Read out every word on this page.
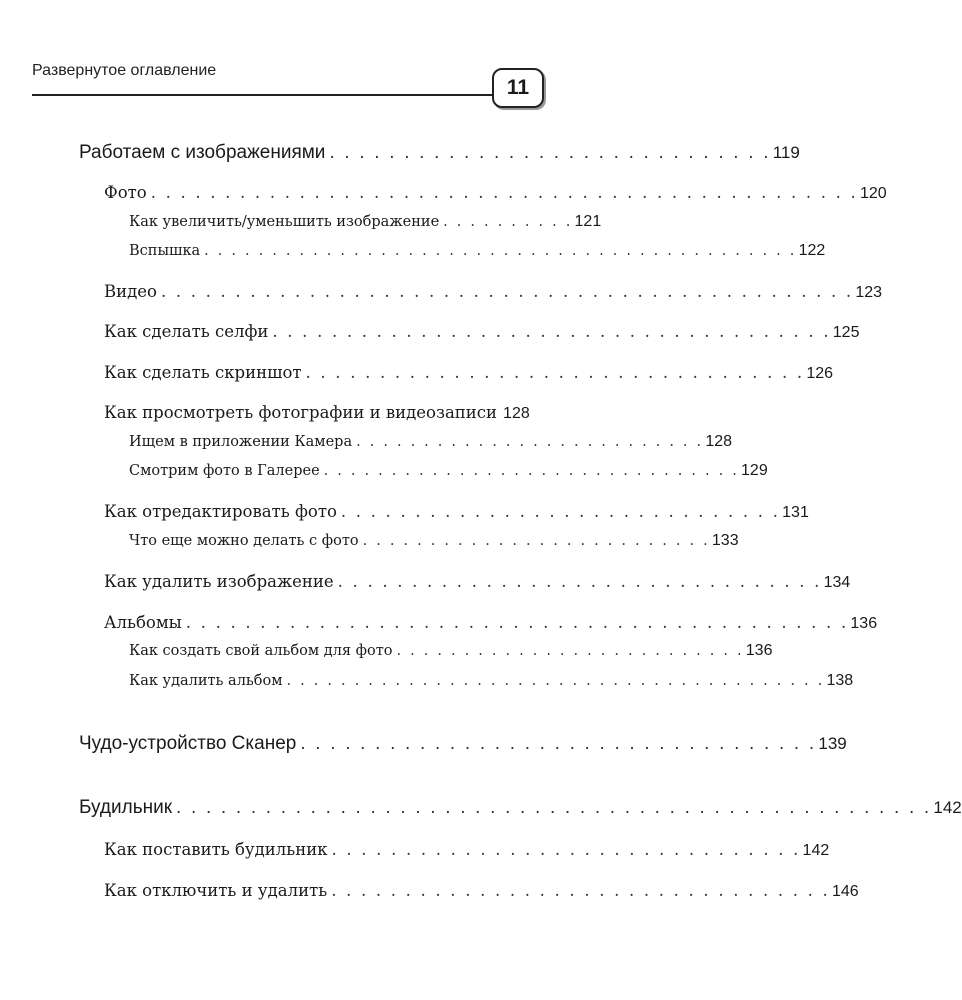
Развернутое оглавление
11
Работаем с изображениями . . . . . . . . . . . . . . . . . . . . . . . . . . . . . . 119
Фото . . . . . . . . . . . . . . . . . . . . . . . . . . . . . . . . . . . . . . . . . . . . . . . . 120
Как увеличить/уменьшить изображение . . . . . . . . . . 121
Вспышка . . . . . . . . . . . . . . . . . . . . . . . . . . . . . . . . . . . . . . . . . . . . 122
Видео . . . . . . . . . . . . . . . . . . . . . . . . . . . . . . . . . . . . . . . . . . . . . . . 123
Как сделать селфи . . . . . . . . . . . . . . . . . . . . . . . . . . . . . . . . . . . . . . 125
Как сделать скриншот . . . . . . . . . . . . . . . . . . . . . . . . . . . . . . . . . . 126
Как просмотреть фотографии и видеозаписи 128
Ищем в приложении Камера . . . . . . . . . . . . . . . . . . . . . . . . . . 128
Смотрим фото в Галерее . . . . . . . . . . . . . . . . . . . . . . . . . . . . . . . 129
Как отредактировать фото . . . . . . . . . . . . . . . . . . . . . . . . . . . . . . 131
Что еще можно делать с фото . . . . . . . . . . . . . . . . . . . . . . . . . . 133
Как удалить изображение . . . . . . . . . . . . . . . . . . . . . . . . . . . . . . . . . 134
Альбомы . . . . . . . . . . . . . . . . . . . . . . . . . . . . . . . . . . . . . . . . . . . . . 136
Как создать свой альбом для фото . . . . . . . . . . . . . . . . . . . . . . . . . . 136
Как удалить альбом . . . . . . . . . . . . . . . . . . . . . . . . . . . . . . . . . . . . . . . . 138
Чудо-устройство Сканер . . . . . . . . . . . . . . . . . . . . . . . . . . . . . . . . . . . 139
Будильник . . . . . . . . . . . . . . . . . . . . . . . . . . . . . . . . . . . . . . . . . . . . . . . . . . . 142
Как поставить будильник . . . . . . . . . . . . . . . . . . . . . . . . . . . . . . . . 142
Как отключить и удалить . . . . . . . . . . . . . . . . . . . . . . . . . . . . . . . . . . 146
